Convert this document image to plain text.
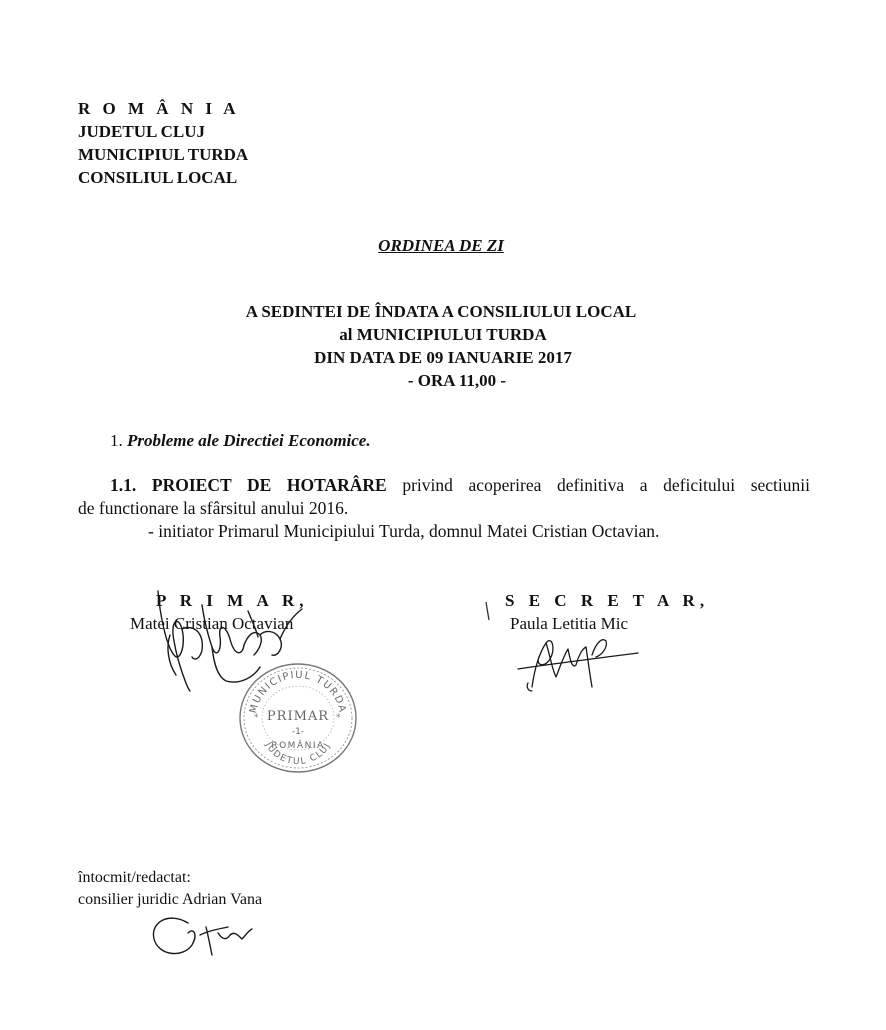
R O M Â N I A
JUDETUL CLUJ
MUNICIPIUL TURDA
CONSILIUL LOCAL
ORDINEA DE ZI
A SEDINTEI DE ÎNDATA A CONSILIULUI LOCAL
al MUNICIPIULUI TURDA
DIN DATA DE 09 IANUARIE 2017
- ORA 11,00 -
1. Probleme ale Directiei Economice.
1.1. PROIECT DE HOTARÂRE privind acoperirea definitiva a deficitului sectiunii
de functionare la sfârsitul anului 2016.
- initiator Primarul Municipiului Turda, domnul Matei Cristian Octavian.
P R I M A R,
Matei Cristian Octavian
S E C R E T A R,
Paula Letitia Mic
MUNICIPIUL TURDA
JUDETUL CLUJ
PRIMAR
-1-
ROMÂNIA
*	*
întocmit/redactat:
consilier juridic Adrian Vana
